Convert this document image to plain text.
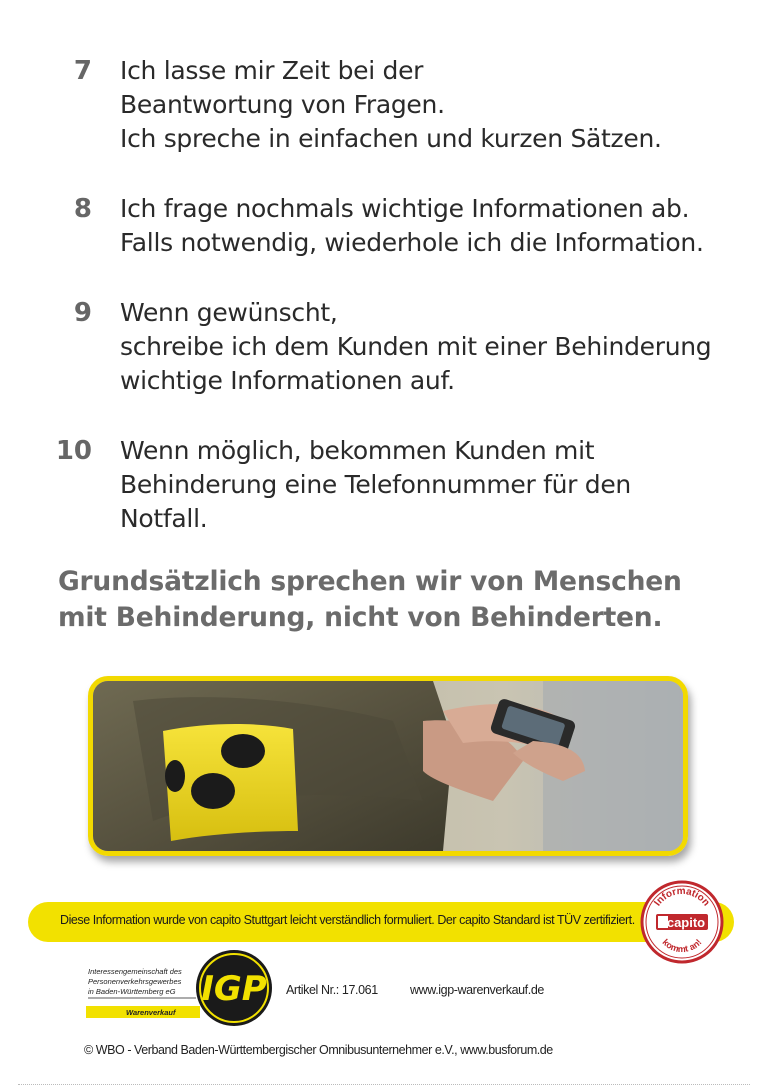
7 Ich lasse mir Zeit bei der
Beantwortung von Fragen.
Ich spreche in einfachen und kurzen Sätzen.
8 Ich frage nochmals wichtige Informationen ab.
Falls notwendig, wiederhole ich die Information.
9 Wenn gewünscht,
schreibe ich dem Kunden mit einer Behinderung
wichtige Informationen auf.
10 Wenn möglich, bekommen Kunden mit
Behinderung eine Telefonnummer für den
Notfall.
Grundsätzlich sprechen wir von Menschen
mit Behinderung, nicht von Behinderten.
Diese Information wurde von capito Stuttgart leicht verständlich formuliert. Der capito Standard ist TÜV zertifiziert.
Information
capito
kommt an!
Interessengemeinschaft des
Personenverkehrsgewerbes
in Baden-Württemberg eG
Warenverkauf
IGP Artikel Nr.: 17.061	www.igp-warenverkauf.de
© WBO - Verband Baden-Württembergischer Omnibusunternehmer e.V., www.busforum.de
